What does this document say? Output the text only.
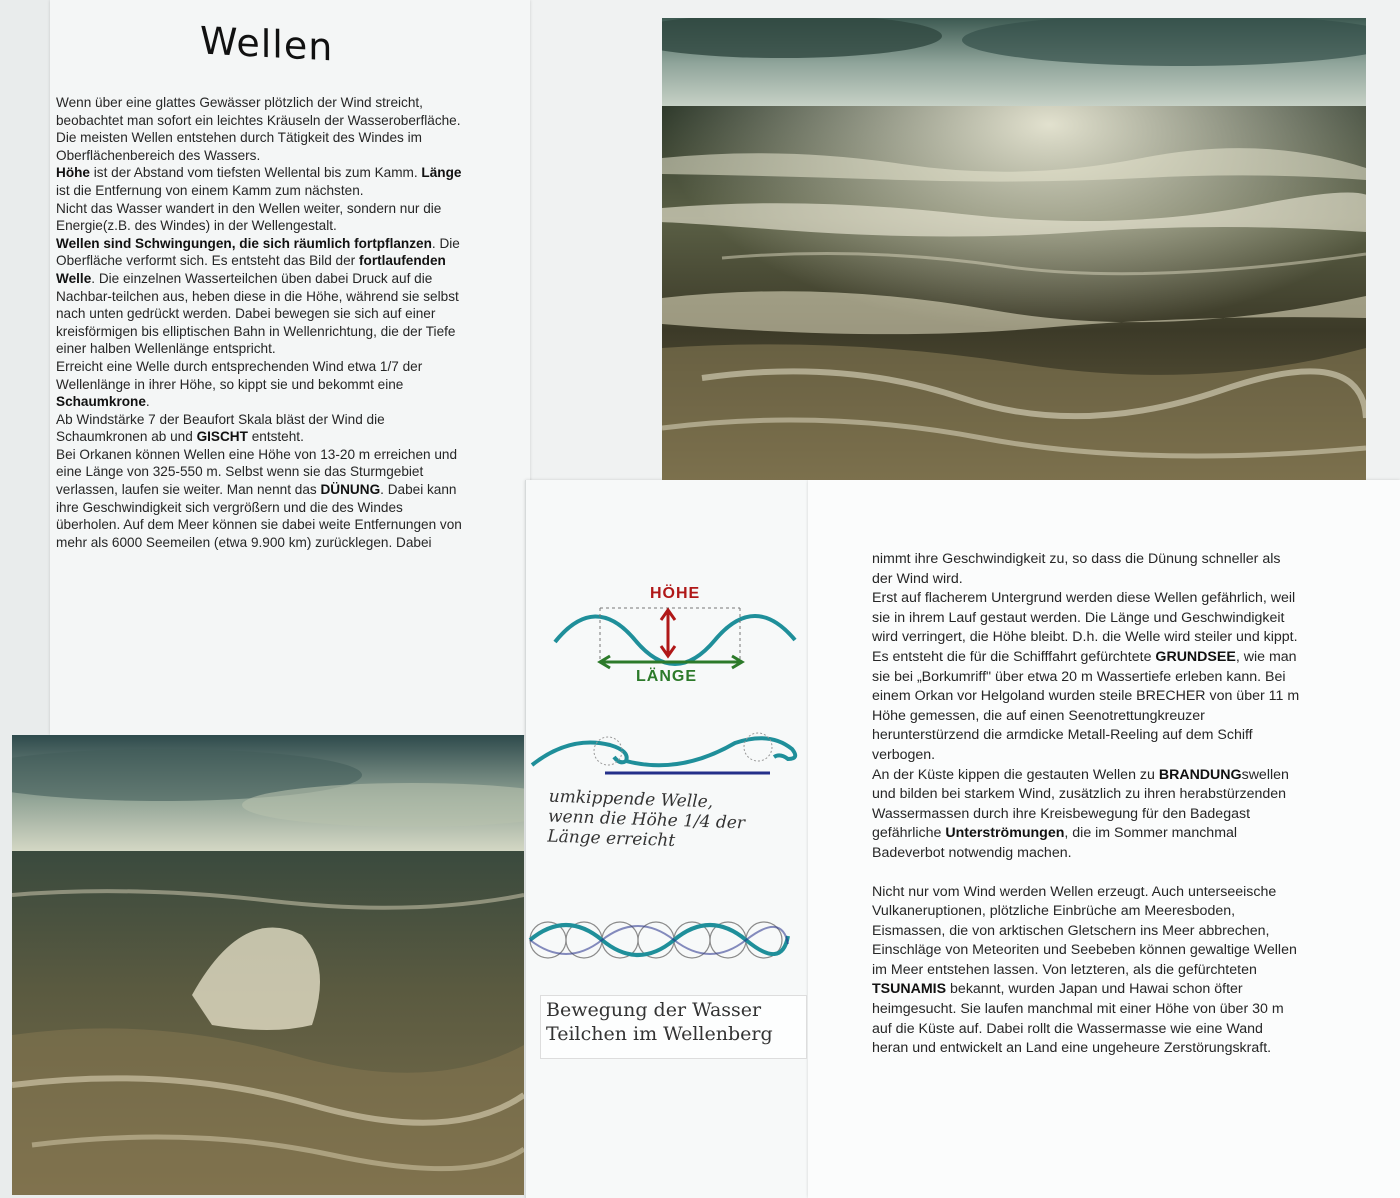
Wellen

Wenn über eine glattes Gewässer plötzlich der Wind streicht, beobachtet man sofort ein leichtes Kräuseln der Wasseroberfläche. Die meisten Wellen entstehen durch Tätigkeit des Windes im Oberflächenbereich des Wassers.

Höhe ist der Abstand vom tiefsten Wellental bis zum Kamm. Länge ist die Entfernung von einem Kamm zum nächsten.

Nicht das Wasser wandert in den Wellen weiter, sondern nur die Energie(z.B. des Windes) in der Wellengestalt.

Wellen sind Schwingungen, die sich räumlich fortpflanzen. Die Oberfläche verformt sich. Es entsteht das Bild der fortlaufenden Welle. Die einzelnen Wasserteilchen üben dabei Druck auf die Nachbar-teilchen aus, heben diese in die Höhe, während sie selbst nach unten gedrückt werden. Dabei bewegen sie sich auf einer kreisförmigen bis elliptischen Bahn in Wellenrichtung, die der Tiefe einer halben Wellenlänge entspricht.

Erreicht eine Welle durch entsprechenden Wind etwa 1/7 der Wellenlänge in ihrer Höhe, so kippt sie und bekommt eine Schaumkrone.

Ab Windstärke 7 der Beaufort Skala bläst der Wind die Schaumkronen ab und GISCHT entsteht.

Bei Orkanen können Wellen eine Höhe von 13-20 m erreichen und eine Länge von 325-550 m. Selbst wenn sie das Sturmgebiet verlassen, laufen sie weiter. Man nennt das DÜNUNG. Dabei kann ihre Geschwindigkeit sich vergrößern und die des Windes überholen. Auf dem Meer können sie dabei weite Entfernungen von mehr als 6000 Seemeilen (etwa 9.900 km) zurücklegen. Dabei

nimmt ihre Geschwindigkeit zu, so dass die Dünung schneller als der Wind wird.

Erst auf flacherem Untergrund werden diese Wellen gefährlich, weil sie in ihrem Lauf gestaut werden. Die Länge und Geschwindigkeit wird verringert, die Höhe bleibt. D.h. die Welle wird steiler und kippt. Es entsteht die für die Schifffahrt gefürchtete GRUNDSEE, wie man sie bei „Borkumriff" über etwa 20 m Wassertiefe erleben kann. Bei einem Orkan vor Helgoland wurden steile BRECHER von über 11 m Höhe gemessen, die auf einen Seenotrettungkreuzer herunterstürzend die armdicke Metall-Reeling auf dem Schiff verbogen.

An der Küste kippen die gestauten Wellen zu BRANDUNGswellen und bilden bei starkem Wind, zusätzlich zu ihren herabstürzenden Wassermassen durch ihre Kreisbewegung für den Badegast gefährliche Unterströmungen, die im Sommer manchmal Badeverbot notwendig machen.

Nicht nur vom Wind werden Wellen erzeugt. Auch unterseeische Vulkaneruptionen, plötzliche Einbrüche am Meeresboden, Eismassen, die von arktischen Gletschern ins Meer abbrechen, Einschläge von Meteoriten und Seebeben können gewaltige Wellen im Meer entstehen lassen. Von letzteren, als die gefürchteten TSUNAMIS bekannt, wurden Japan und Hawai schon öfter heimgesucht. Sie laufen manchmal mit einer Höhe von über 30 m auf die Küste auf. Dabei rollt die Wassermasse wie eine Wand heran und entwickelt an Land eine ungeheure Zerstörungskraft.

HÖHE
LÄNGE
umkippende Welle,
wenn die Höhe 1/4 der
Länge erreicht
Bewegung der Wasser
Teilchen im Wellenberg
